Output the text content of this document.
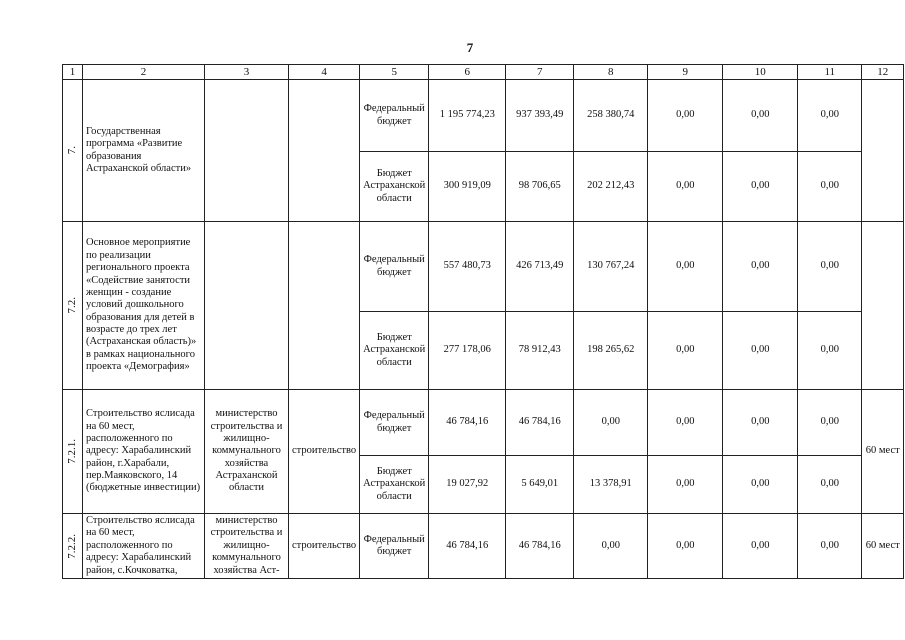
7
1	2	3	4	5	6	7	8	9	10	11	12

7.	Государственная программа «Развитие образования Астраханской области»			Федеральный бюджет	1 195 774,23	937 393,49	258 380,74	0,00	0,00	0,00	
				Бюджет Астраханской области	300 919,09	98 706,65	202 212,43	0,00	0,00	0,00	

7.2.	Основное мероприятие по реализации регионального проекта «Содействие занятости женщин - создание условий дошкольного образования для детей в возрасте до трех лет (Астраханская область)» в рамках национального проекта «Демография»			Федеральный бюджет	557 480,73	426 713,49	130 767,24	0,00	0,00	0,00	
				Бюджет Астраханской области	277 178,06	78 912,43	198 265,62	0,00	0,00	0,00	

7.2.1.	Строительство яслисада на 60 мест, расположенного по адресу: Харабалинский район, г.Харабали, пер.Маяковского, 14 (бюджетные инвестиции)	министерство строительства и жилищно-коммунального хозяйства Астраханской области	строительство	Федеральный бюджет	46 784,16	46 784,16	0,00	0,00	0,00	0,00	60 мест
				Бюджет Астраханской области	19 027,92	5 649,01	13 378,91	0,00	0,00	0,00	

7.2.2.	Строительство яслисада на 60 мест, расположенного по адресу: Харабалинский район, с.Кочковатка,	министерство строительства и жилищно-коммунального хозяйства Аст-	строительство	Федеральный бюджет	46 784,16	46 784,16	0,00	0,00	0,00	0,00	60 мест
